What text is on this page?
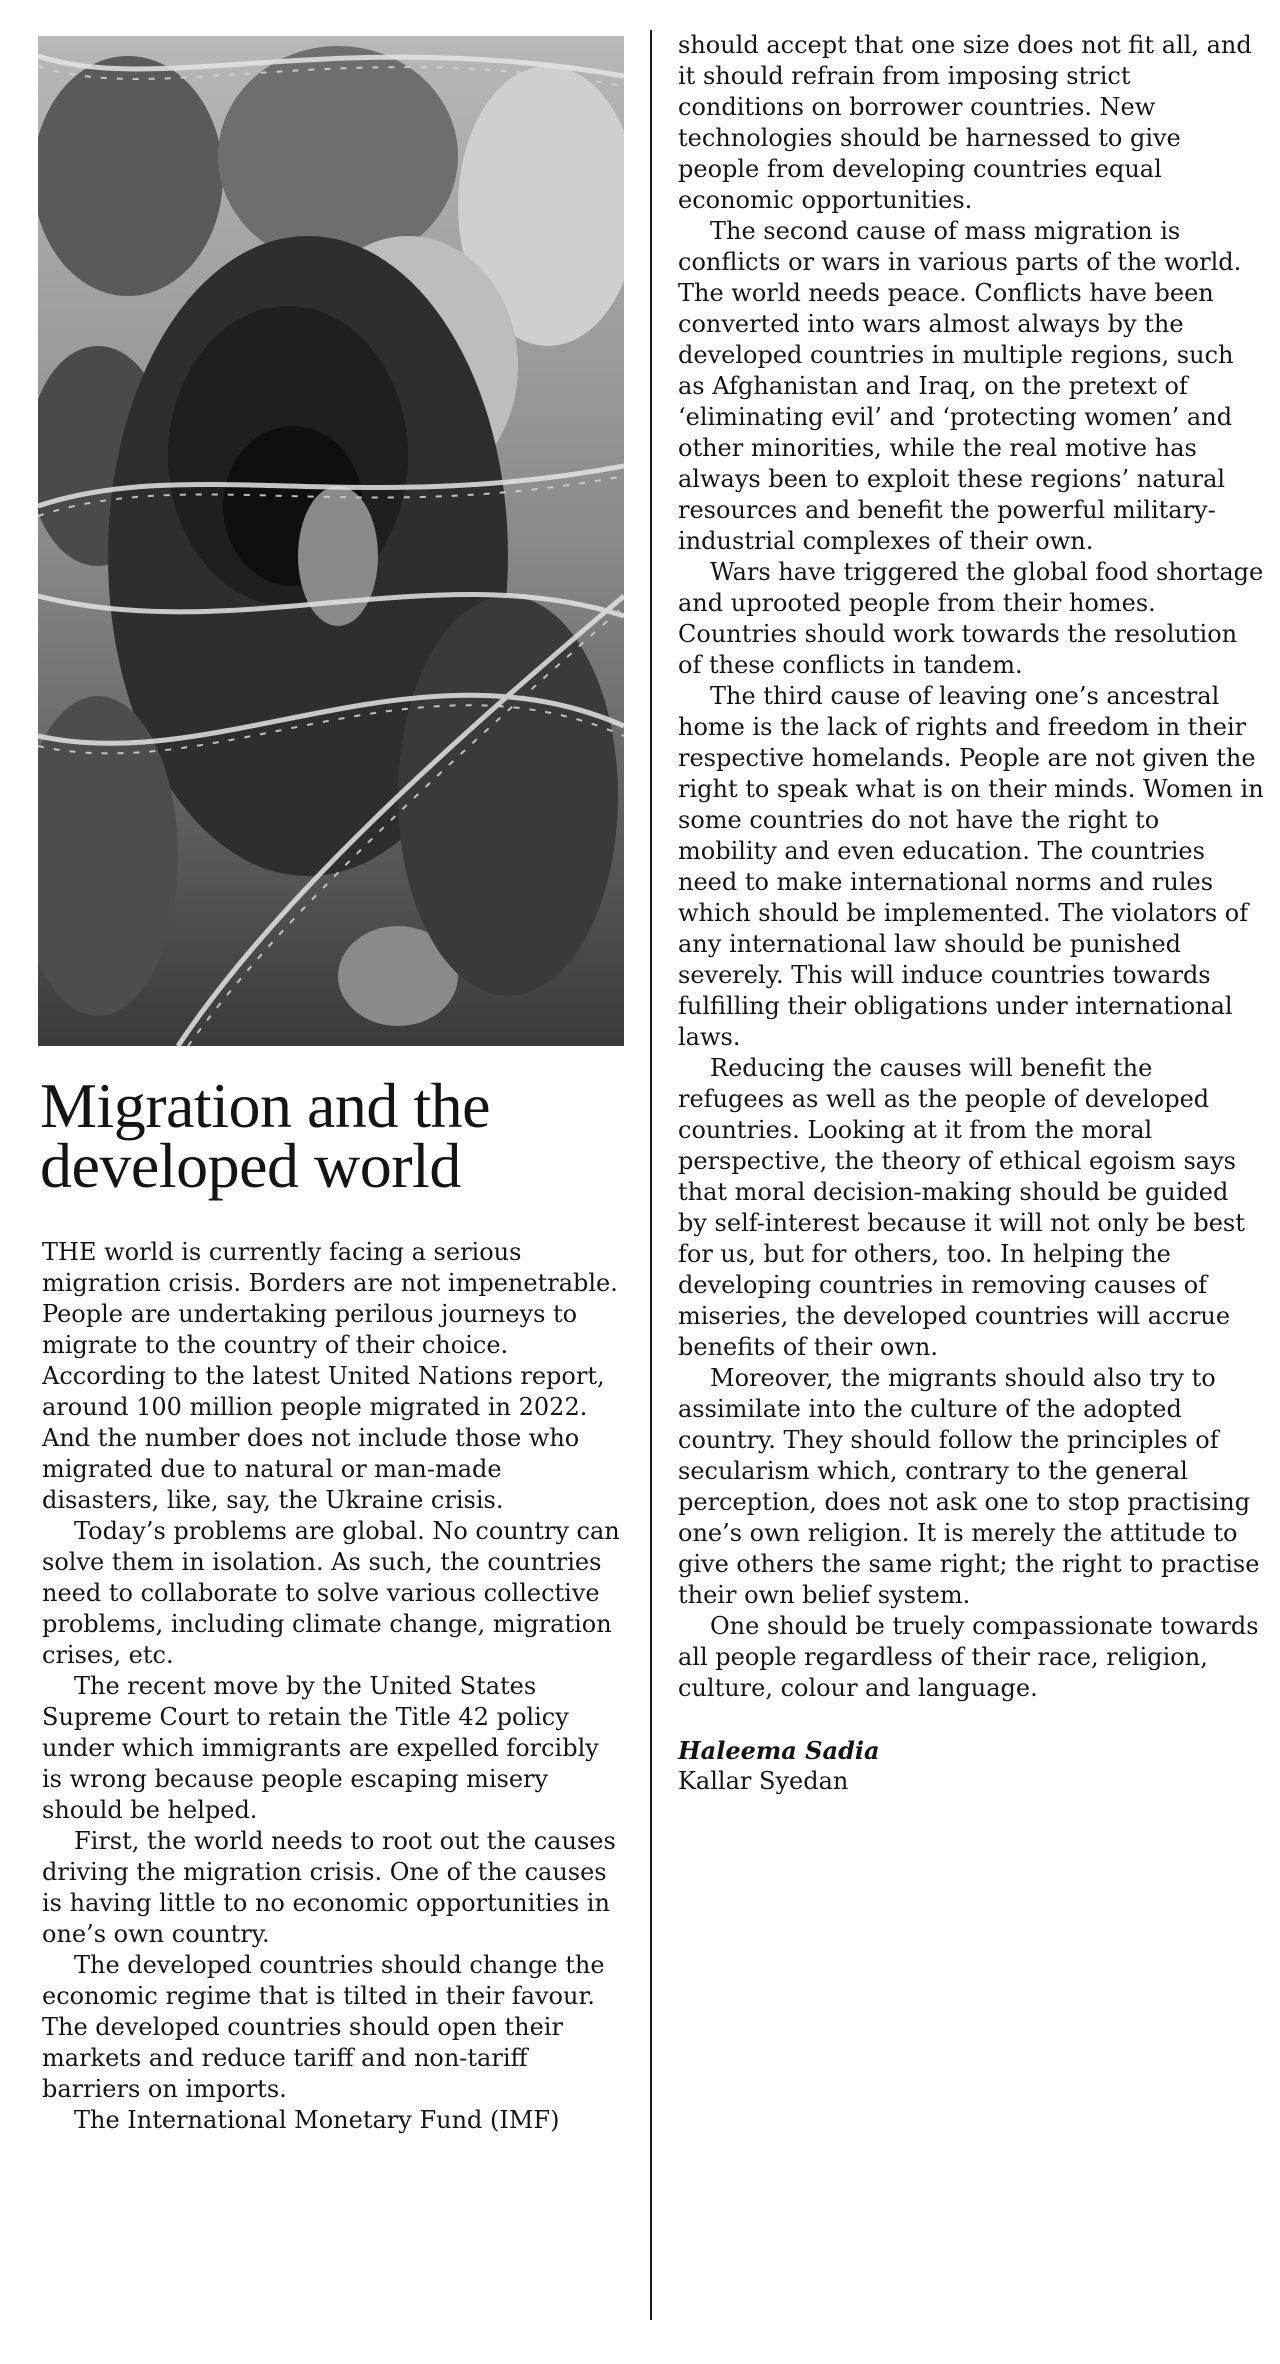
Migration and the developed world

THE world is currently facing a serious migration crisis. Borders are not impenetrable. People are undertaking perilous journeys to migrate to the country of their choice. According to the latest United Nations report, around 100 million people migrated in 2022. And the number does not include those who migrated due to natural or man-made disasters, like, say, the Ukraine crisis.

Today’s problems are global. No country can solve them in isolation. As such, the countries need to collaborate to solve various collective problems, including climate change, migration crises, etc.

The recent move by the United States Supreme Court to retain the Title 42 policy under which immigrants are expelled forcibly is wrong because people escaping misery should be helped.

First, the world needs to root out the causes driving the migration crisis. One of the causes is having little to no economic opportunities in one’s own country.

The developed countries should change the economic regime that is tilted in their favour. The developed countries should open their markets and reduce tariff and non-tariff barriers on imports.

The International Monetary Fund (IMF)

should accept that one size does not fit all, and it should refrain from imposing strict conditions on borrower countries. New technologies should be harnessed to give people from developing countries equal economic opportunities.

The second cause of mass migration is conflicts or wars in various parts of the world. The world needs peace. Conflicts have been converted into wars almost always by the developed countries in multiple regions, such as Afghanistan and Iraq, on the pretext of ‘eliminating evil’ and ‘protecting women’ and other minorities, while the real motive has always been to exploit these regions’ natural resources and benefit the powerful military-industrial complexes of their own.

Wars have triggered the global food shortage and uprooted people from their homes. Countries should work towards the resolution of these conflicts in tandem.

The third cause of leaving one’s ancestral home is the lack of rights and freedom in their respective homelands. People are not given the right to speak what is on their minds. Women in some countries do not have the right to mobility and even education. The countries need to make international norms and rules which should be implemented. The violators of any international law should be punished severely. This will induce countries towards fulfilling their obligations under international laws.

Reducing the causes will benefit the refugees as well as the people of developed countries. Looking at it from the moral perspective, the theory of ethical egoism says that moral decision-making should be guided by self-interest because it will not only be best for us, but for others, too. In helping the developing countries in removing causes of miseries, the developed countries will accrue benefits of their own.

Moreover, the migrants should also try to assimilate into the culture of the adopted country. They should follow the principles of secularism which, contrary to the general perception, does not ask one to stop practising one’s own religion. It is merely the attitude to give others the same right; the right to practise their own belief system.

One should be truely compassionate towards all people regardless of their race, religion, culture, colour and language.

Haleema Sadia

Kallar Syedan
